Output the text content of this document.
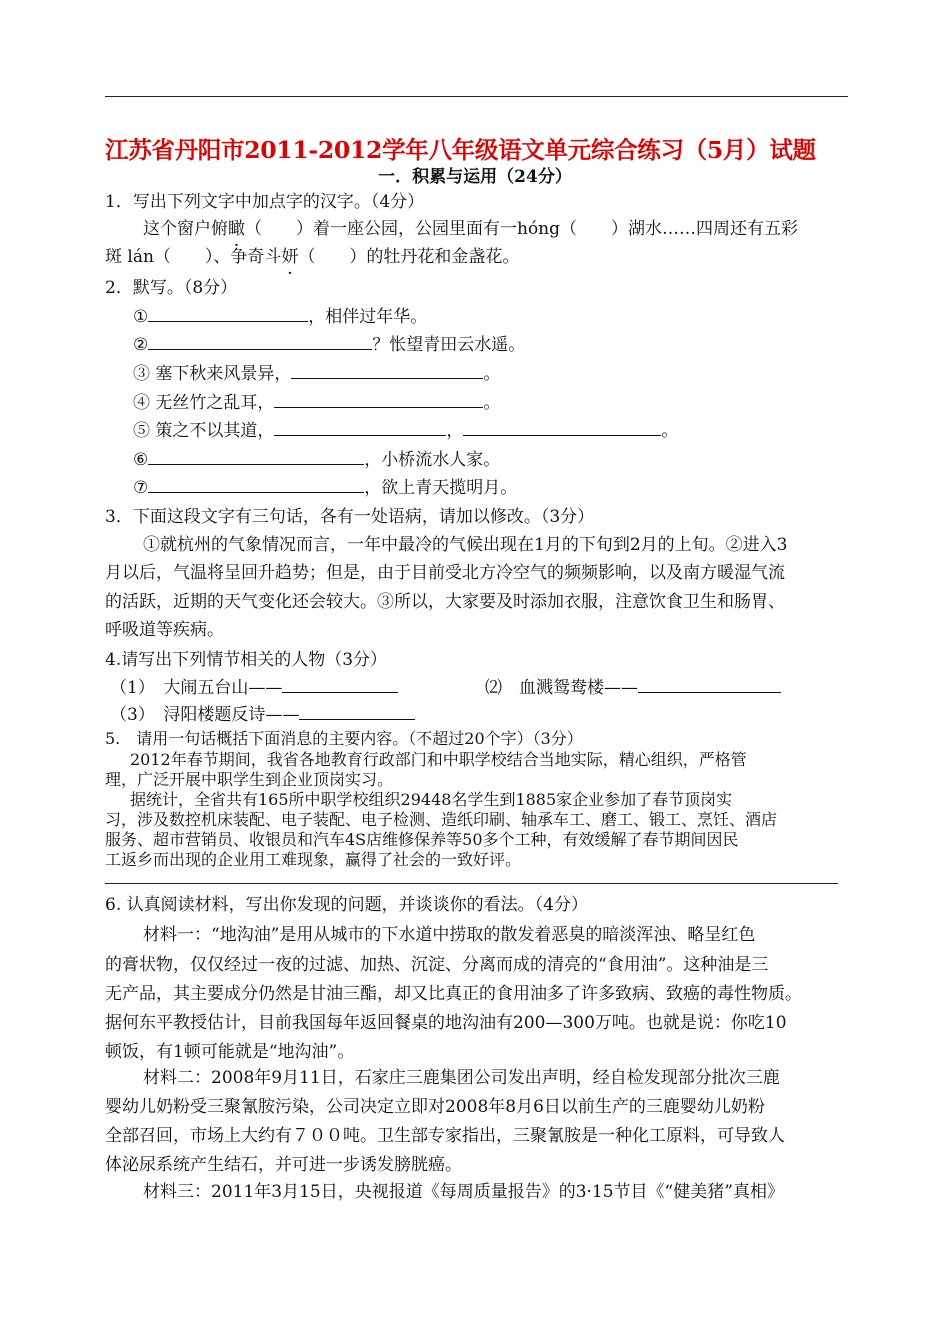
江苏省丹阳市2011-2012学年八年级语文单元综合练习（5月）试题
一．积累与运用（24分）
1．写出下列文字中加点字的汉字。（4分）
这个窗户俯瞰（　　）着一座公园，公园里面有一hóng（　　）湖水……四周还有五彩
斑 lán（　　）、争奇斗妍（　　）的牡丹花和金盏花。
2．默写。（8分）
①	，相伴过年华。
②	？怅望青田云水遥。
③ 塞下秋来风景异，	。
④ 无丝竹之乱耳，	。
⑤ 策之不以其道，	，	。
⑥	，小桥流水人家。
⑦	，欲上青天揽明月。
3．下面这段文字有三句话，各有一处语病，请加以修改。（3分）
①就杭州的气象情况而言，一年中最冷的气候出现在1月的下旬到2月的上旬。②进入3
月以后，气温将呈回升趋势；但是，由于目前受北方冷空气的频频影响，以及南方暖湿气流
的活跃，近期的天气变化还会较大。③所以，大家要及时添加衣服，注意饮食卫生和肠胃、
呼吸道等疾病。
4.请写出下列情节相关的人物（3分）
（1）　大闹五台山——	⑵　血溅鸳鸯楼——
（3）　浔阳楼题反诗——
5.　请用一句话概括下面消息的主要内容。（不超过20个字）（3分）
2012年春节期间，我省各地教育行政部门和中职学校结合当地实际，精心组织，严格管
理，广泛开展中职学生到企业顶岗实习。
据统计，全省共有165所中职学校组织29448名学生到1885家企业参加了春节顶岗实
习，涉及数控机床装配、电子装配、电子检测、造纸印刷、轴承车工、磨工、锻工、烹饪、酒店
服务、超市营销员、收银员和汽车4S店维修保养等50多个工种，有效缓解了春节期间因民
工返乡而出现的企业用工难现象，赢得了社会的一致好评。
6. 认真阅读材料，写出你发现的问题，并谈谈你的看法。（4分）
材料一：“地沟油”是用从城市的下水道中捞取的散发着恶臭的暗淡浑浊、略呈红色
的膏状物，仅仅经过一夜的过滤、加热、沉淀、分离而成的清亮的“食用油”。这种油是三
无产品，其主要成分仍然是甘油三酯，却又比真正的食用油多了许多致病、致癌的毒性物质。
据何东平教授估计，目前我国每年返回餐桌的地沟油有200—300万吨。也就是说：你吃10
顿饭，有1顿可能就是“地沟油”。
材料二：2008年9月11日，石家庄三鹿集团公司发出声明，经自检发现部分批次三鹿
婴幼儿奶粉受三聚氰胺污染，公司决定立即对2008年8月6日以前生产的三鹿婴幼儿奶粉
全部召回，市场上大约有７００吨。卫生部专家指出，三聚氰胺是一种化工原料，可导致人
体泌尿系统产生结石，并可进一步诱发膀胱癌。
材料三：2011年3月15日，央视报道《每周质量报告》的3·15节目《“健美猪”真相》
